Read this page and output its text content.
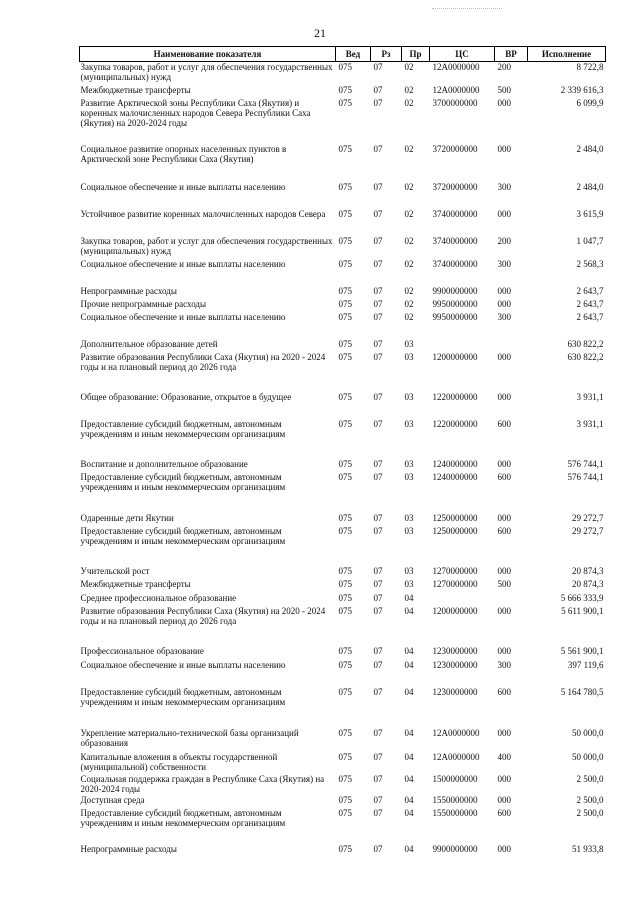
21
Наименование показателя	Вед	Рз	Пр	ЦС	ВР	Исполнение
Закупка товаров, работ и услуг для обеспечения государственных (муниципальных) нужд	075	07	02	12А0000000	200	8 722,8
Межбюджетные трансферты	075	07	02	12А0000000	500	2 339 616,3
Развитие Арктической зоны Республики Саха (Якутия) и коренных малочисленных народов Севера Республики Саха (Якутия) на 2020-2024 годы	075	07	02	3700000000	000	6 099,9
Социальное развитие опорных населенных пунктов в Арктической зоне Республики Саха (Якутия)	075	07	02	3720000000	000	2 484,0
Социальное обеспечение и иные выплаты населению	075	07	02	3720000000	300	2 484,0
Устойчивое развитие коренных малочисленных народов Севера	075	07	02	3740000000	000	3 615,9
Закупка товаров, работ и услуг для обеспечения государственных (муниципальных) нужд	075	07	02	3740000000	200	1 047,7
Социальное обеспечение и иные выплаты населению	075	07	02	3740000000	300	2 568,3
Непрограммные расходы	075	07	02	9900000000	000	2 643,7
Прочие непрограммные расходы	075	07	02	9950000000	000	2 643,7
Социальное обеспечение и иные выплаты населению	075	07	02	9950000000	300	2 643,7
Дополнительное образование детей	075	07	03			630 822,2
Развитие образования Республики Саха (Якутия) на 2020 - 2024 годы и на плановый период до 2026 года	075	07	03	1200000000	000	630 822,2
Общее образование: Образование, открытое в будущее	075	07	03	1220000000	000	3 931,1
Предоставление субсидий бюджетным, автономным учреждениям и иным некоммерческим организациям	075	07	03	1220000000	600	3 931,1
Воспитание и дополнительное образование	075	07	03	1240000000	000	576 744,1
Предоставление субсидий бюджетным, автономным учреждениям и иным некоммерческим организациям	075	07	03	1240000000	600	576 744,1
Одаренные дети Якутии	075	07	03	1250000000	000	29 272,7
Предоставление субсидий бюджетным, автономным учреждениям и иным некоммерческим организациям	075	07	03	1250000000	600	29 272,7
Учительской рост	075	07	03	1270000000	000	20 874,3
Межбюджетные трансферты	075	07	03	1270000000	500	20 874,3
Среднее профессиональное образование	075	07	04			5 666 333,9
Развитие образования Республики Саха (Якутия) на 2020 - 2024 годы и на плановый период до 2026 года	075	07	04	1200000000	000	5 611 900,1
Профессиональное образование	075	07	04	1230000000	000	5 561 900,1
Социальное обеспечение и иные выплаты населению	075	07	04	1230000000	300	397 119,6
Предоставление субсидий бюджетным, автономным учреждениям и иным некоммерческим организациям	075	07	04	1230000000	600	5 164 780,5
Укрепление материально-технической базы организаций образования	075	07	04	12А0000000	000	50 000,0
Капитальные вложения в объекты государственной (муниципальной) собственности	075	07	04	12А0000000	400	50 000,0
Социальная поддержка граждан в Республике Саха (Якутия) на 2020-2024 годы	075	07	04	1500000000	000	2 500,0
Доступная среда	075	07	04	1550000000	000	2 500,0
Предоставление субсидий бюджетным, автономным учреждениям и иным некоммерческим организациям	075	07	04	1550000000	600	2 500,0
Непрограммные расходы	075	07	04	9900000000	000	51 933,8
